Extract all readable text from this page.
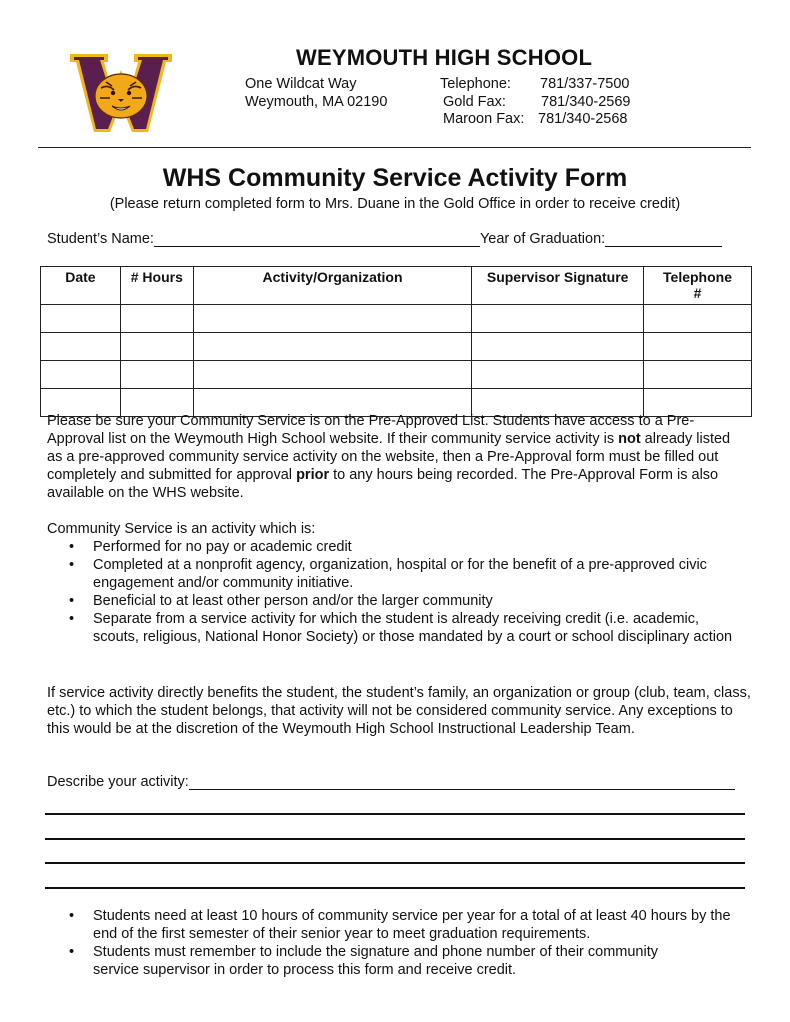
WEYMOUTH HIGH SCHOOL
One Wildcat Way
Weymouth, MA 02190
Telephone: 781/337-7500
Gold Fax: 781/340-2569
Maroon Fax: 781/340-2568
WHS Community Service Activity Form
(Please return completed form to Mrs. Duane in the Gold Office in order to receive credit)
Student’s Name:	Year of Graduation:
Date	# Hours	Activity/Organization	Supervisor Signature	Telephone #

Please be sure your Community Service is on the Pre-Approved List. Students have access to a Pre-Approval list on the Weymouth High School website. If their community service activity is not already listed as a pre-approved community service activity on the website, then a Pre-Approval form must be filled out completely and submitted for approval prior to any hours being recorded. The Pre-Approval Form is also available on the WHS website.
Community Service is an activity which is:
• Performed for no pay or academic credit
• Completed at a nonprofit agency, organization, hospital or for the benefit of a pre-approved civic engagement and/or community initiative.
• Beneficial to at least other person and/or the larger community
• Separate from a service activity for which the student is already receiving credit (i.e. academic, scouts, religious, National Honor Society) or those mandated by a court or school disciplinary action
If service activity directly benefits the student, the student’s family, an organization or group (club, team, class, etc.) to which the student belongs, that activity will not be considered community service. Any exceptions to this would be at the discretion of the Weymouth High School Instructional Leadership Team.
Describe your activity:
• Students need at least 10 hours of community service per year for a total of at least 40 hours by the end of the first semester of their senior year to meet graduation requirements.
• Students must remember to include the signature and phone number of their community service supervisor in order to process this form and receive credit.
